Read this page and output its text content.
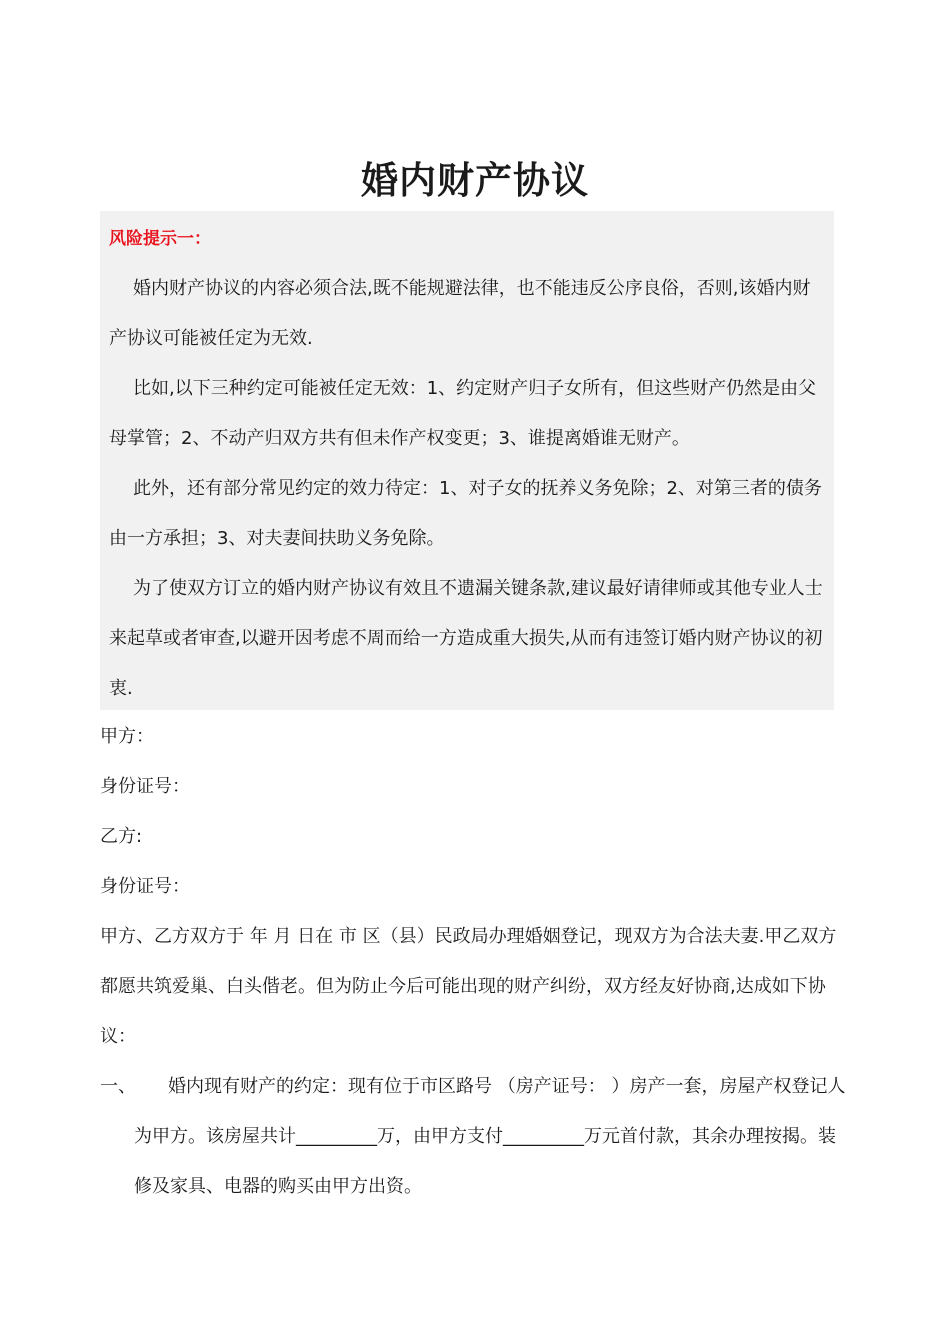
婚内财产协议

风险提示一：

婚内财产协议的内容必须合法,既不能规避法律，也不能违反公序良俗，否则,该婚内财产协议可能被任定为无效.

比如,以下三种约定可能被任定无效：1、约定财产归子女所有，但这些财产仍然是由父母掌管；2、不动产归双方共有但未作产权变更；3、谁提离婚谁无财产。

此外，还有部分常见约定的效力待定：1、对子女的抚养义务免除；2、对第三者的债务由一方承担；3、对夫妻间扶助义务免除。

为了使双方订立的婚内财产协议有效且不遗漏关键条款,建议最好请律师或其他专业人士来起草或者审查,以避开因考虑不周而给一方造成重大损失,从而有违签订婚内财产协议的初衷.

甲方：

身份证号：

乙方:

身份证号：

甲方、乙方双方于 年 月 日在 市 区（县）民政局办理婚姻登记，现双方为合法夫妻.甲乙双方都愿共筑爱巢、白头偕老。但为防止今后可能出现的财产纠纷，双方经友好协商,达成如下协议：

一、	婚内现有财产的约定：现有位于市区路号 （房产证号： ）房产一套，房屋产权登记人为甲方。该房屋共计_________万，由甲方支付_________万元首付款，其余办理按揭。装修及家具、电器的购买由甲方出资。
